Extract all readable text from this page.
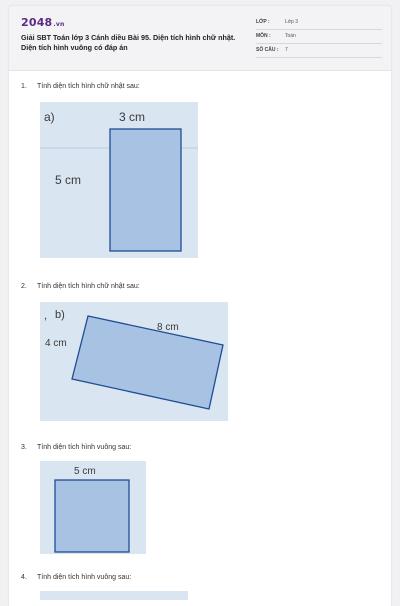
2048.vn
Giải SBT Toán lớp 3 Cánh diều Bài 95. Diện tích hình chữ nhật. Diện tích hình vuông có đáp án
LỚP :	Lớp 3
MÔN :	Toán
SỐ CÂU : 7
1. Tính diện tích hình chữ nhật sau:
a)	3 cm
5 cm
2. Tính diện tích hình chữ nhật sau:
, b)
8 cm
4 cm
3. Tính diện tích hình vuông sau:
5 cm
4. Tính diện tích hình vuông sau:
